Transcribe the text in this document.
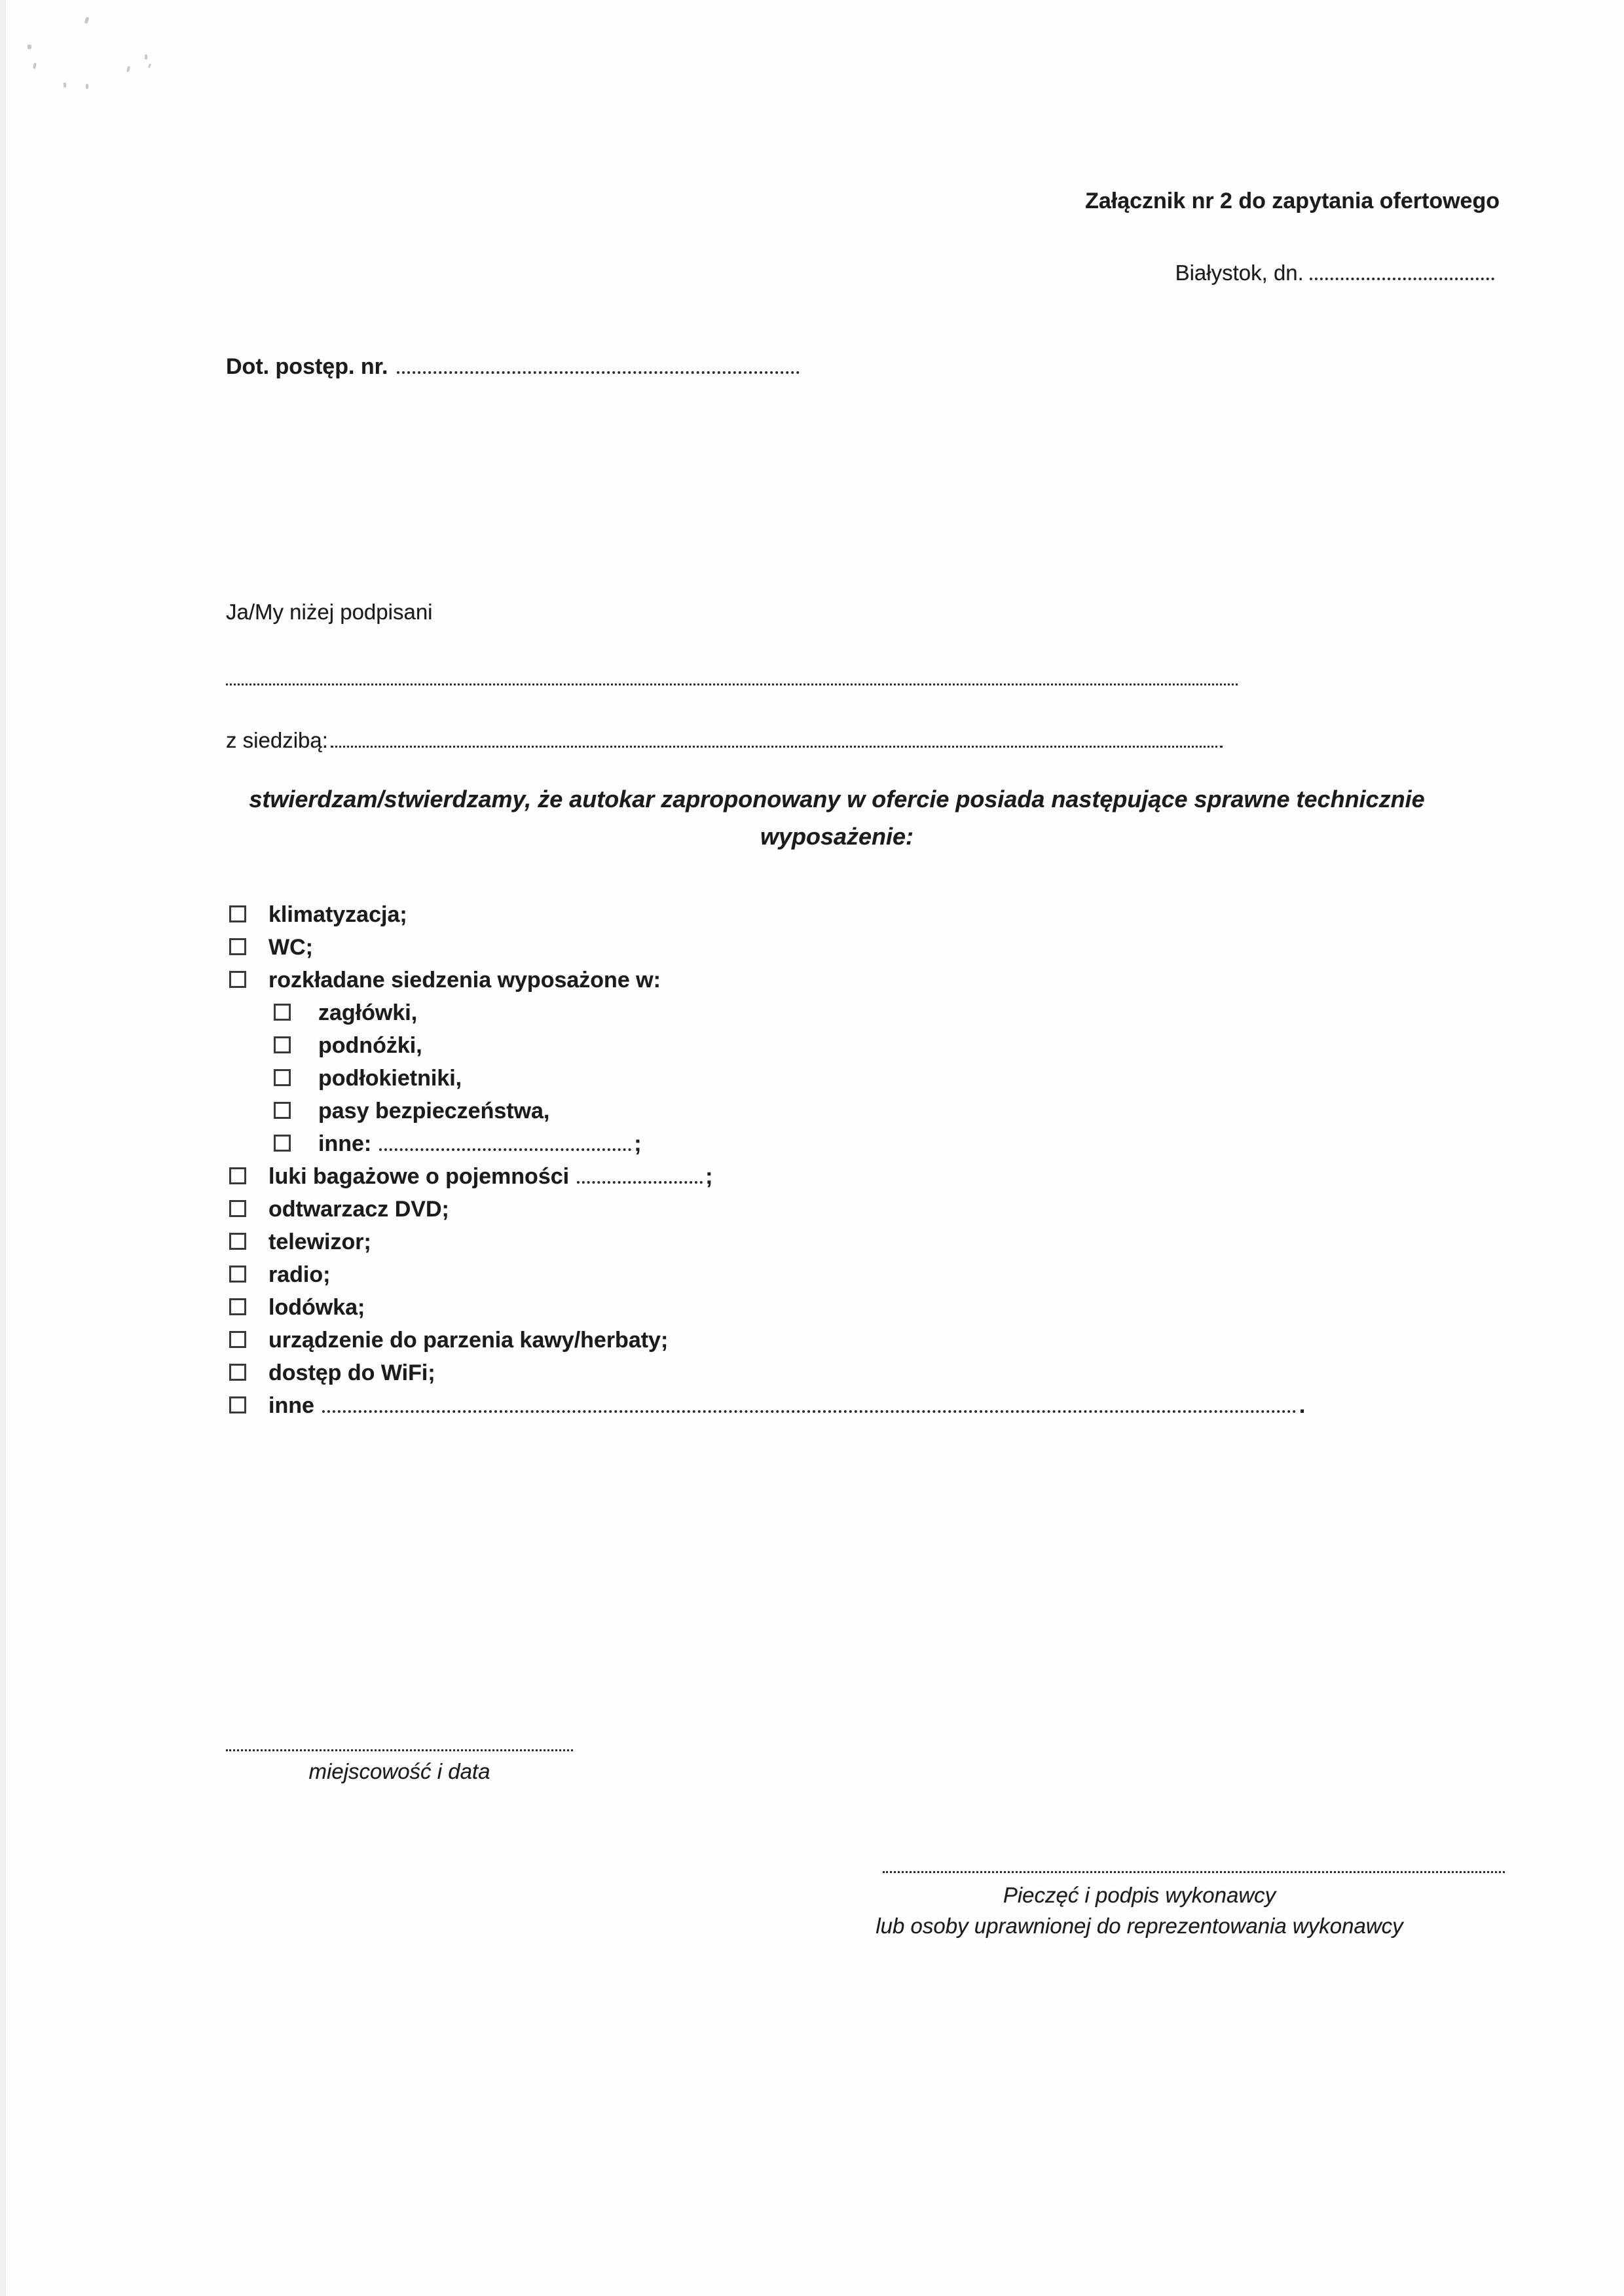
Załącznik nr 2 do zapytania ofertowego
Białystok, dn.
Dot. postęp. nr.
Ja/My niżej podpisani
z siedzibą:
stwierdzam/stwierdzamy, że autokar zaproponowany w ofercie posiada następujące sprawne technicznie
wyposażenie:
klimatyzacja;
WC;
rozkładane siedzenia wyposażone w:
zagłówki,
podnóżki,
podłokietniki,
pasy bezpieczeństwa,
inne:	;
luki bagażowe o pojemności	;
odtwarzacz DVD;
telewizor;
radio;
lodówka;
urządzenie do parzenia kawy/herbaty;
dostęp do WiFi;
inne	.
miejscowość i data
Pieczęć i podpis wykonawcy
lub osoby uprawnionej do reprezentowania wykonawcy
